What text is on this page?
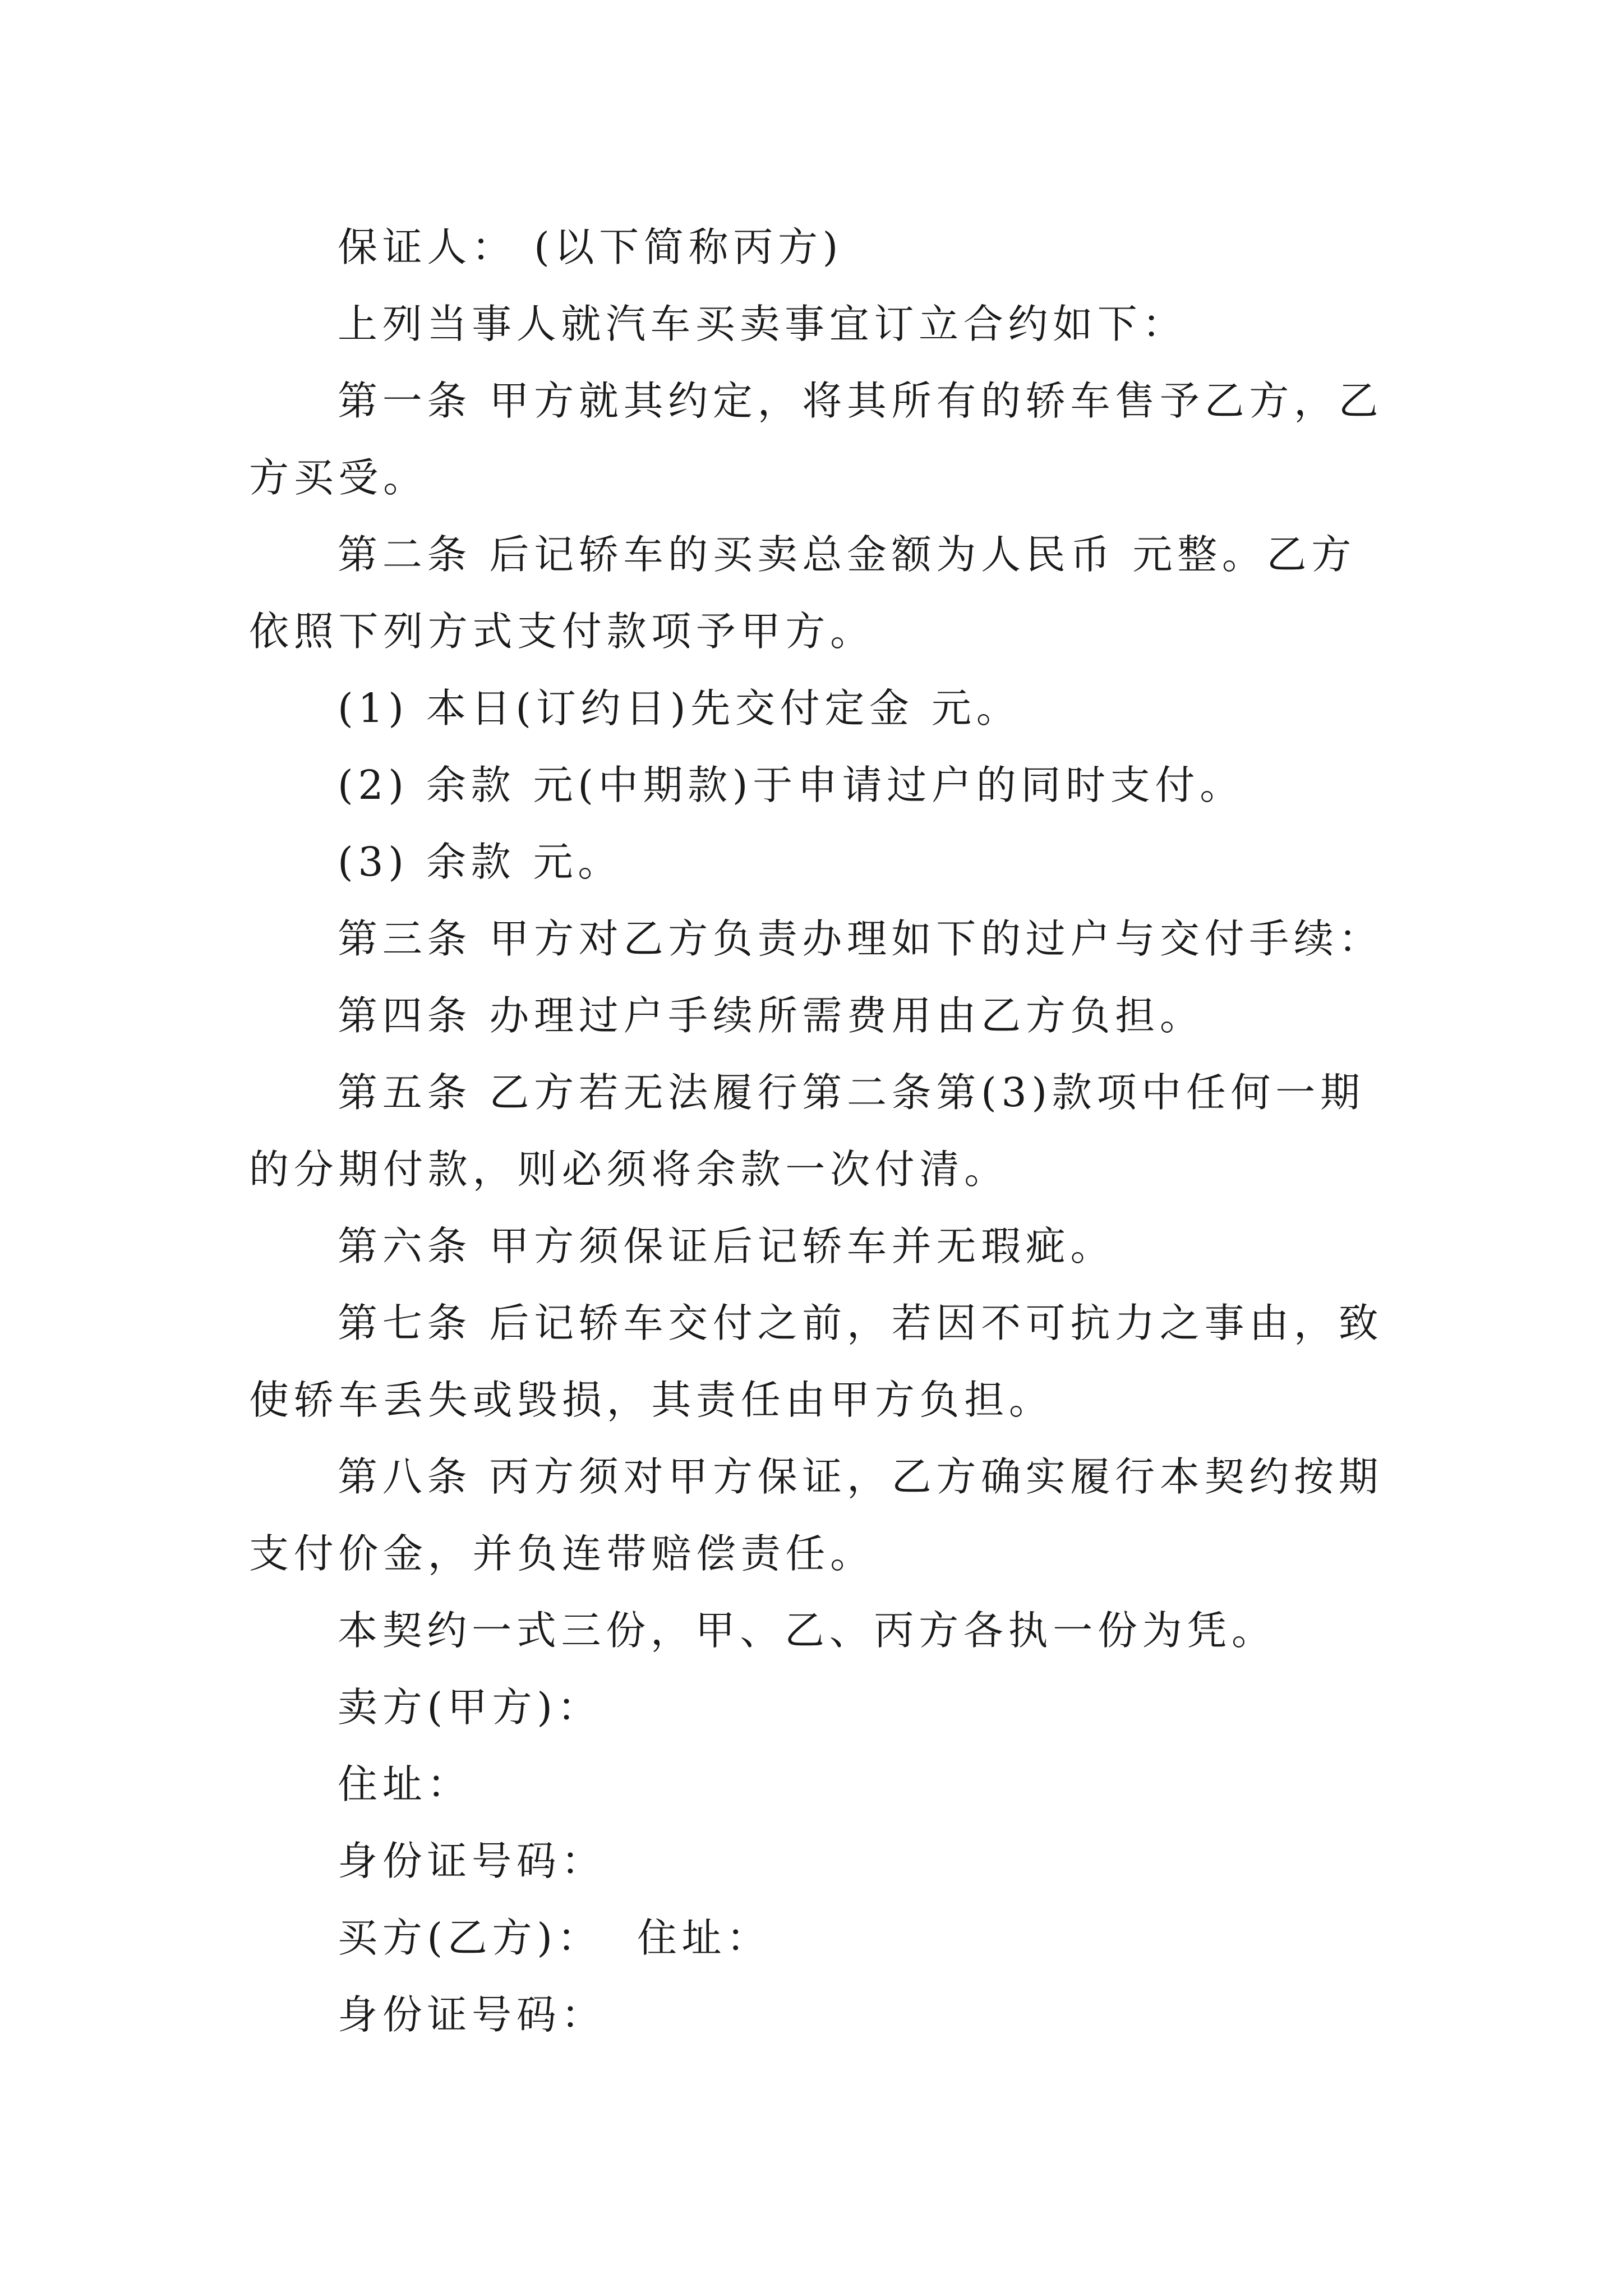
保证人： (以下简称丙方)

上列当事人就汽车买卖事宜订立合约如下：

第一条 甲方就其约定，将其所有的轿车售予乙方，乙方买受。

第二条 后记轿车的买卖总金额为人民币 元整。乙方依照下列方式支付款项予甲方。

(1) 本日(订约日)先交付定金 元。

(2) 余款 元(中期款)于申请过户的同时支付。

(3) 余款 元。

第三条 甲方对乙方负责办理如下的过户与交付手续：

第四条 办理过户手续所需费用由乙方负担。

第五条 乙方若无法履行第二条第(3)款项中任何一期的分期付款，则必须将余款一次付清。

第六条 甲方须保证后记轿车并无瑕疵。

第七条 后记轿车交付之前，若因不可抗力之事由，致使轿车丢失或毁损，其责任由甲方负担。

第八条 丙方须对甲方保证，乙方确实履行本契约按期支付价金，并负连带赔偿责任。

本契约一式三份，甲、乙、丙方各执一份为凭。

卖方(甲方)：

住址：

身份证号码：

买方(乙方)：  住址：

身份证号码：
